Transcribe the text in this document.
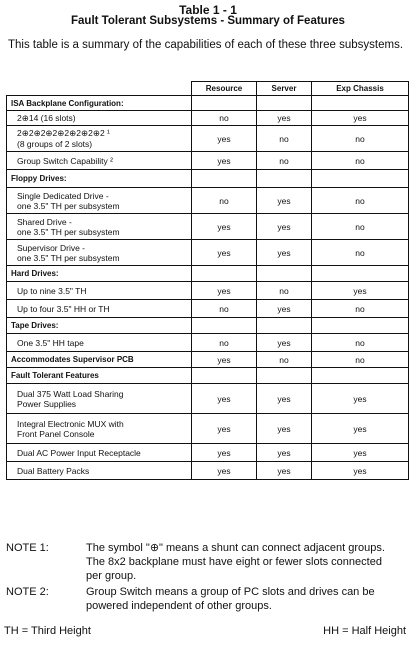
Table 1 - 1
Fault Tolerant Subsystems - Summary of Features
This table is a summary of the capabilities of each of these three subsystems.
	Resource	Server	Exp Chassis

ISA Backplane Configuration:			

2⊕14 (16 slots)	no	yes	yes

2⊕2⊕2⊕2⊕2⊕2⊕2⊕2 ¹
(8 groups of 2 slots)	yes	no	no

Group Switch Capability ²	yes	no	no

Floppy Drives:			

Single Dedicated Drive -
one 3.5" TH per subsystem	no	yes	no

Shared Drive -
one 3.5" TH per subsystem	yes	yes	no

Supervisor Drive -
one 3.5" TH per subsystem	yes	yes	no

Hard Drives:			

Up to nine 3.5" TH	yes	no	yes

Up to four 3.5" HH or TH	no	yes	no

Tape Drives:			

One 3.5" HH tape	no	yes	no

Accommodates Supervisor PCB	yes	no	no

Fault Tolerant Features			

Dual 375 Watt Load Sharing
Power Supplies	yes	yes	yes

Integral Electronic MUX with
Front Panel Console	yes	yes	yes

Dual AC Power Input Receptacle	yes	yes	yes

Dual Battery Packs	yes	yes	yes
NOTE 1:	The symbol "⊕" means a shunt can connect adjacent groups. The 8x2 backplane must have eight or fewer slots connected per group.
NOTE 2:	Group Switch means a group of PC slots and drives can be powered independent of other groups.
TH = Third Height	HH = Half Height
